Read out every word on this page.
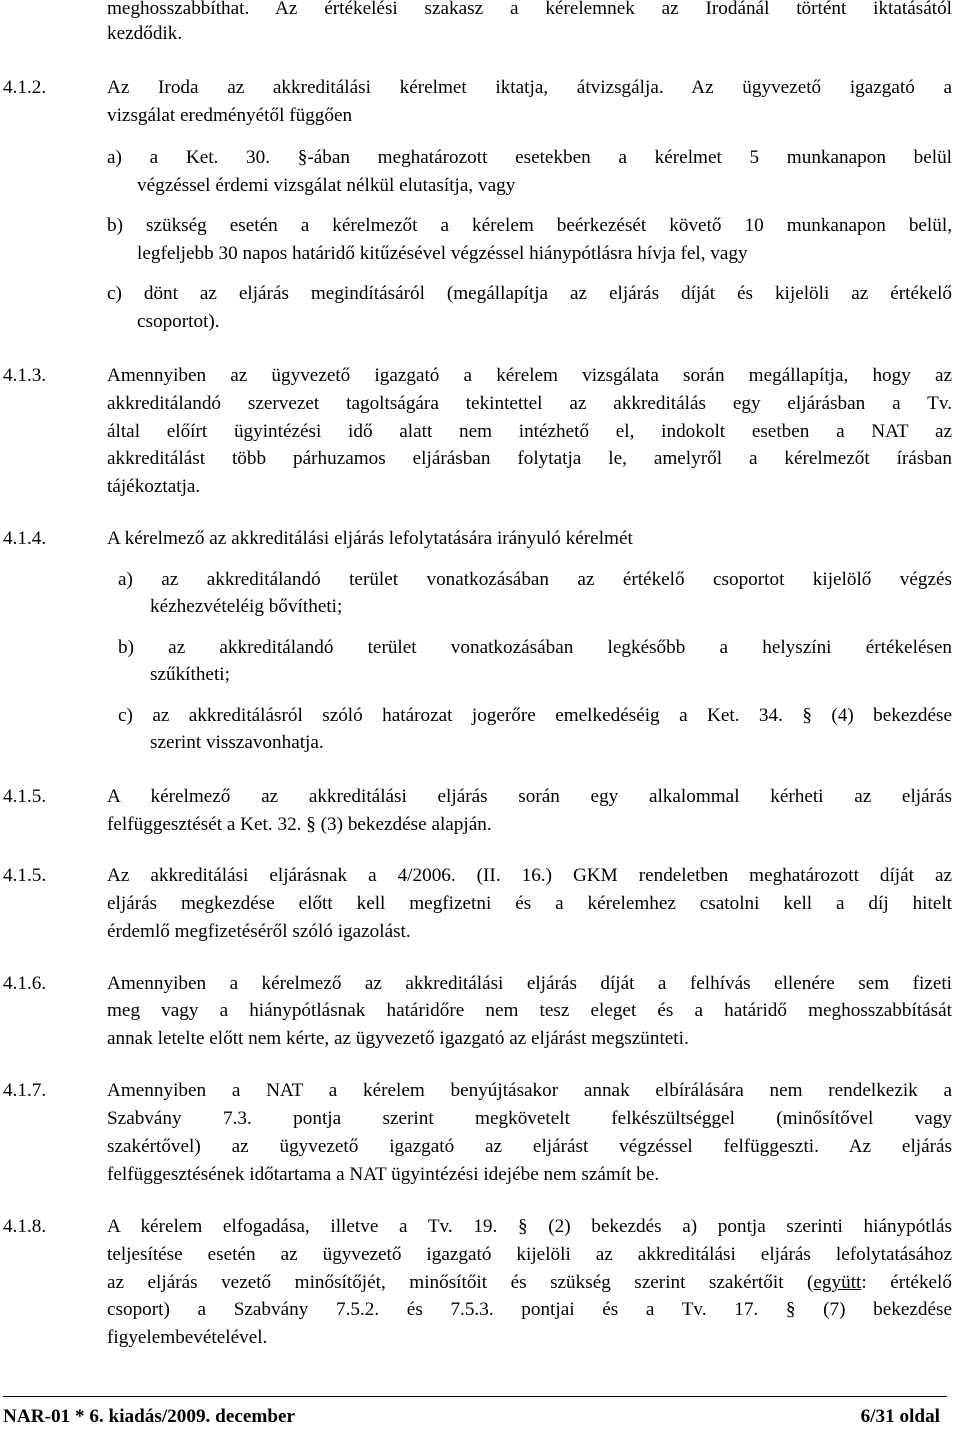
meghosszabbíthat. Az értékelési szakasz a kérelemnek az Irodánál történt iktatásától
kezdődik.
4.1.2.	Az Iroda az akkreditálási kérelmet iktatja, átvizsgálja. Az ügyvezető igazgató a
vizsgálat eredményétől függően
a) a Ket. 30. §-ában meghatározott esetekben a kérelmet 5 munkanapon belül
végzéssel érdemi vizsgálat nélkül elutasítja, vagy
b) szükség esetén a kérelmezőt a kérelem beérkezését követő 10 munkanapon belül,
legfeljebb 30 napos határidő kitűzésével végzéssel hiánypótlásra hívja fel, vagy
c) dönt az eljárás megindításáról (megállapítja az eljárás díját és kijelöli az értékelő
csoportot).
4.1.3.	Amennyiben az ügyvezető igazgató a kérelem vizsgálata során megállapítja, hogy az
akkreditálandó szervezet tagoltságára tekintettel az akkreditálás egy eljárásban a Tv.
által előírt ügyintézési idő alatt nem intézhető el, indokolt esetben a NAT az
akkreditálást több párhuzamos eljárásban folytatja le, amelyről a kérelmezőt írásban
tájékoztatja.
4.1.4.	A kérelmező az akkreditálási eljárás lefolytatására irányuló kérelmét
a) az akkreditálandó terület vonatkozásában az értékelő csoportot kijelölő végzés
kézhezvételéig bővítheti;
b) az akkreditálandó terület vonatkozásában legkésőbb a helyszíni értékelésen
szűkítheti;
c) az akkreditálásról szóló határozat jogerőre emelkedéséig a Ket. 34. § (4) bekezdése
szerint visszavonhatja.
4.1.5.	A kérelmező az akkreditálási eljárás során egy alkalommal kérheti az eljárás
felfüggesztését a Ket. 32. § (3) bekezdése alapján.
4.1.5.	Az akkreditálási eljárásnak a 4/2006. (II. 16.) GKM rendeletben meghatározott díját az
eljárás megkezdése előtt kell megfizetni és a kérelemhez csatolni kell a díj hitelt
érdemlő megfizetéséről szóló igazolást.
4.1.6.	Amennyiben a kérelmező az akkreditálási eljárás díját a felhívás ellenére sem fizeti
meg vagy a hiánypótlásnak határidőre nem tesz eleget és a határidő meghosszabbítását
annak letelte előtt nem kérte, az ügyvezető igazgató az eljárást megszünteti.
4.1.7.	Amennyiben a NAT a kérelem benyújtásakor annak elbírálására nem rendelkezik a
Szabvány 7.3. pontja szerint megkövetelt felkészültséggel (minősítővel vagy
szakértővel) az ügyvezető igazgató az eljárást végzéssel felfüggeszti. Az eljárás
felfüggesztésének időtartama a NAT ügyintézési idejébe nem számít be.
4.1.8.	A kérelem elfogadása, illetve a Tv. 19. § (2) bekezdés a) pontja szerinti hiánypótlás
teljesítése esetén az ügyvezető igazgató kijelöli az akkreditálási eljárás lefolytatásához
az eljárás vezető minősítőjét, minősítőit és szükség szerint szakértőit (együtt: értékelő
csoport) a Szabvány 7.5.2. és 7.5.3. pontjai és a Tv. 17. § (7) bekezdése
figyelembevételével.
NAR-01 * 6. kiadás/2009. december	6/31 oldal
